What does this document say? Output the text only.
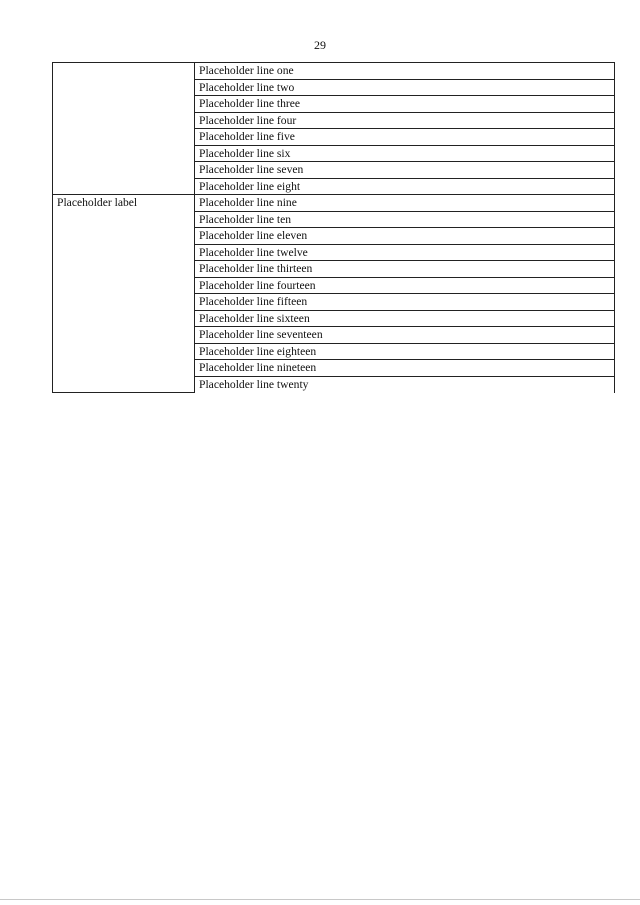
29
	Placeholder line one
	Placeholder line two
	Placeholder line three
	Placeholder line four
	Placeholder line five
	Placeholder line six
	Placeholder line seven
	Placeholder line eight
Placeholder label	Placeholder line nine
	Placeholder line ten
	Placeholder line eleven
	Placeholder line twelve
	Placeholder line thirteen
	Placeholder line fourteen
	Placeholder line fifteen
	Placeholder line sixteen
	Placeholder line seventeen
	Placeholder line eighteen
	Placeholder line nineteen
	Placeholder line twenty
